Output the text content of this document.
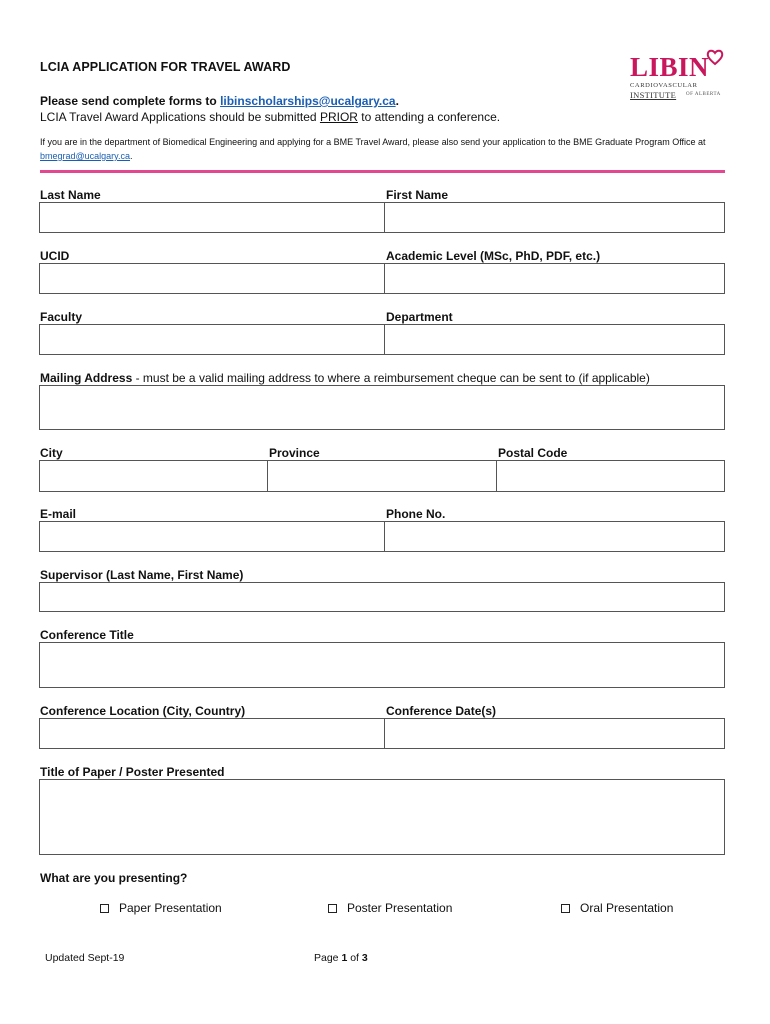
LCIA APPLICATION FOR TRAVEL AWARD	LIBIN
CARDIOVASCULAR
INSTITUTE OF ALBERTA
Please send complete forms to libinscholarships@ucalgary.ca.
LCIA Travel Award Applications should be submitted PRIOR to attending a conference.
If you are in the department of Biomedical Engineering and applying for a BME Travel Award, please also send your application to the BME Graduate Program Office at bmegrad@ucalgary.ca.
Last Name	First Name
UCID	Academic Level (MSc, PhD, PDF, etc.)
Faculty	Department
Mailing Address - must be a valid mailing address to where a reimbursement cheque can be sent to (if applicable)
City	Province	Postal Code
E-mail	Phone No.
Supervisor (Last Name, First Name)
Conference Title
Conference Location (City, Country)	Conference Date(s)
Title of Paper / Poster Presented
What are you presenting?
Paper Presentation	Poster Presentation	Oral Presentation
Updated Sept-19	Page 1 of 3
